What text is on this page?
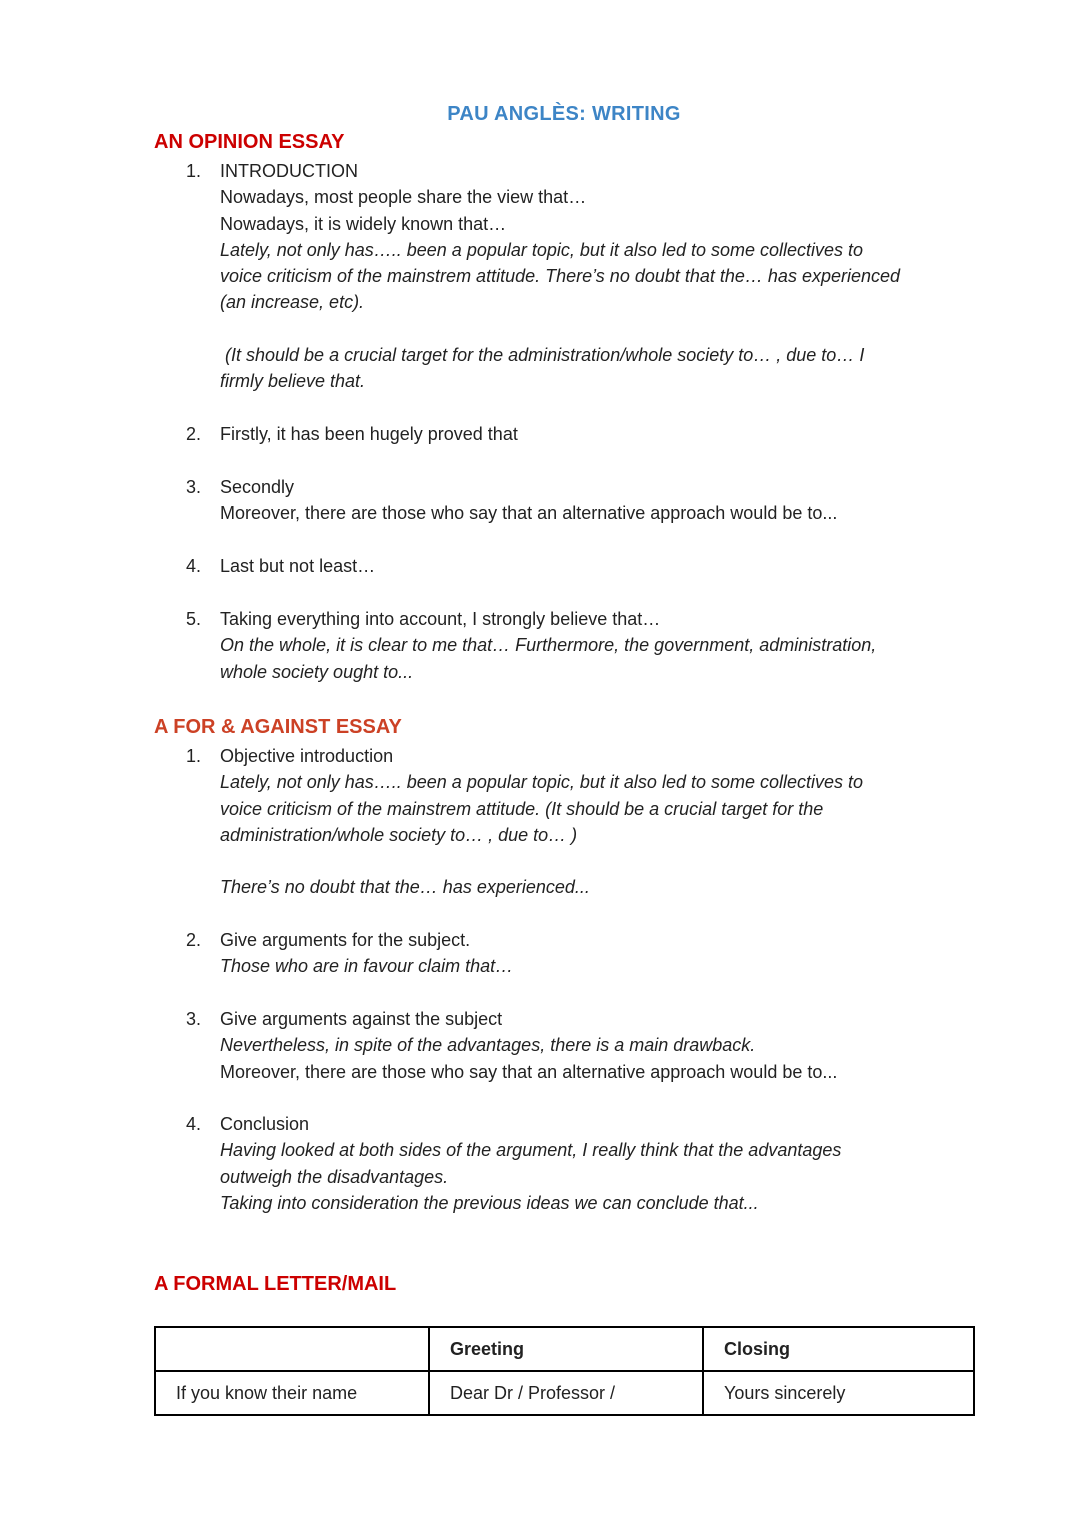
PAU ANGLÈS: WRITING
AN OPINION ESSAY
1.	INTRODUCTION
Nowadays, most people share the view that…
Nowadays, it is widely known that…
Lately, not only has….. been a popular topic, but it also led to some collectives to
voice criticism of the mainstrem attitude. There’s no doubt that the… has experienced
(an increase, etc).
(It should be a crucial target for the administration/whole society to… , due to… I
firmly believe that.
2.	Firstly, it has been hugely proved that
3.	Secondly
Moreover, there are those who say that an alternative approach would be to...
4.	Last but not least…
5.	Taking everything into account, I strongly believe that…
On the whole, it is clear to me that… Furthermore, the government, administration,
whole society ought to...
A FOR & AGAINST ESSAY
1.	Objective introduction
Lately, not only has….. been a popular topic, but it also led to some collectives to
voice criticism of the mainstrem attitude. (It should be a crucial target for the
administration/whole society to… , due to… )
There’s no doubt that the… has experienced...
2.	Give arguments for the subject.
Those who are in favour claim that…
3.	Give arguments against the subject
Nevertheless, in spite of the advantages, there is a main drawback.
Moreover, there are those who say that an alternative approach would be to...
4.	Conclusion
Having looked at both sides of the argument, I really think that the advantages
outweigh the disadvantages.
Taking into consideration the previous ideas we can conclude that...
A FORMAL LETTER/MAIL
	Greeting	Closing
If you know their name	Dear Dr / Professor /	Yours sincerely
